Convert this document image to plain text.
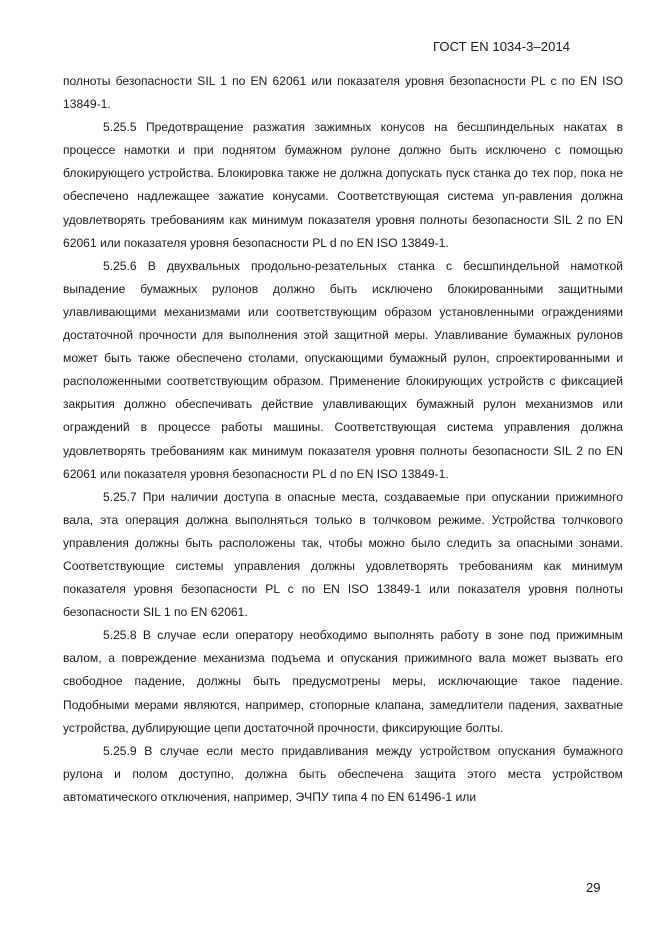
ГОСТ EN 1034-3–2014

полноты безопасности SIL 1 по EN 62061 или показателя уровня безопасности PL c по EN ISO 13849-1.

5.25.5 Предотвращение разжатия зажимных конусов на бесшпиндельных накатах в процессе намотки и при поднятом бумажном рулоне должно быть исключено с помощью блокирующего устройства. Блокировка также не должна допускать пуск станка до тех пор, пока не обеспечено надлежащее зажатие конусами. Соответствующая система уп-равления должна удовлетворять требованиям как минимум показателя уровня полноты безопасности SIL 2 по EN 62061 или показателя уровня безопасности PL d по EN ISO 13849-1.

5.25.6 В двухвальных продольно-резательных станка с бесшпиндельной намоткой выпадение бумажных рулонов должно быть исключено блокированными защитными улавливающими механизмами или соответствующим образом установленными ограждениями достаточной прочности для выполнения этой защитной меры. Улавливание бумажных рулонов может быть также обеспечено столами, опускающими бумажный рулон, спроектированными и расположенными соответствующим образом. Применение блокирующих устройств с фиксацией закрытия должно обеспечивать действие улавливающих бумажный рулон механизмов или ограждений в процессе работы машины. Соответствующая система управления должна удовлетворять требованиям как минимум показателя уровня полноты безопасности SIL 2 по EN 62061 или показателя уровня безопасности PL d по EN ISO 13849-1.

5.25.7 При наличии доступа в опасные места, создаваемые при опускании прижимного вала, эта операция должна выполняться только в толчковом режиме. Устройства толчкового управления должны быть расположены так, чтобы можно было следить за опасными зонами. Соответствующие системы управления должны удовлетворять требованиям как минимум показателя уровня безопасности PL c по EN ISO 13849-1 или показателя уровня полноты безопасности SIL 1 по EN 62061.

5.25.8 В случае если оператору необходимо выполнять работу в зоне под прижимным валом, а повреждение механизма подъема и опускания прижимного вала может вызвать его свободное падение, должны быть предусмотрены меры, исключающие такое падение. Подобными мерами являются, например, стопорные клапана, замедлители падения, захватные устройства, дублирующие цепи достаточной прочности, фиксирующие болты.

5.25.9 В случае если место придавливания между устройством опускания бумажного рулона и полом доступно, должна быть обеспечена защита этого места устройством автоматического отключения, например, ЭЧПУ типа 4 по EN 61496-1 или

29
